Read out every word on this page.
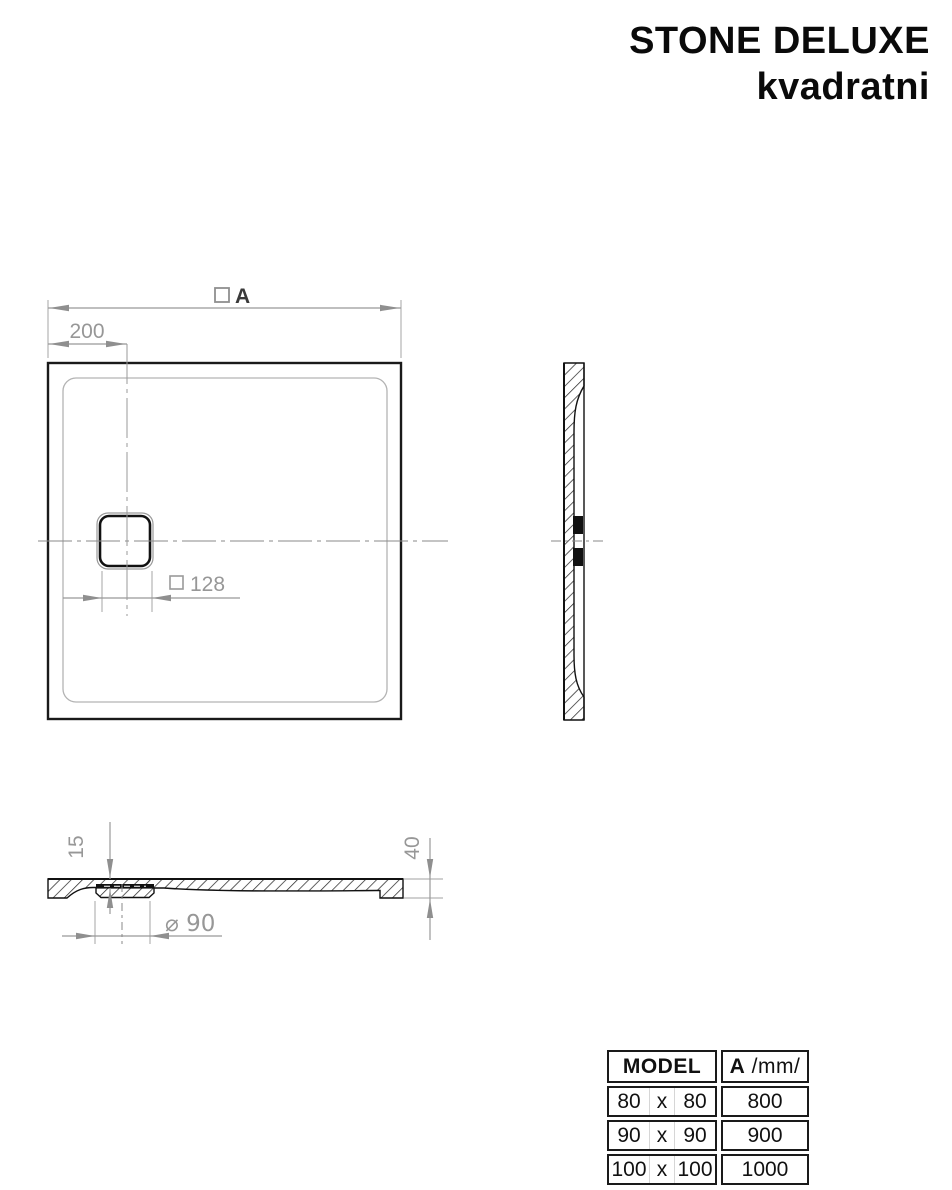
STONE DELUXE
kvadratni
A
200
128
15	40
⌀ 90
MODEL
80 x 80
90 x 90
100 x 100
A /mm/
800
900
1000
